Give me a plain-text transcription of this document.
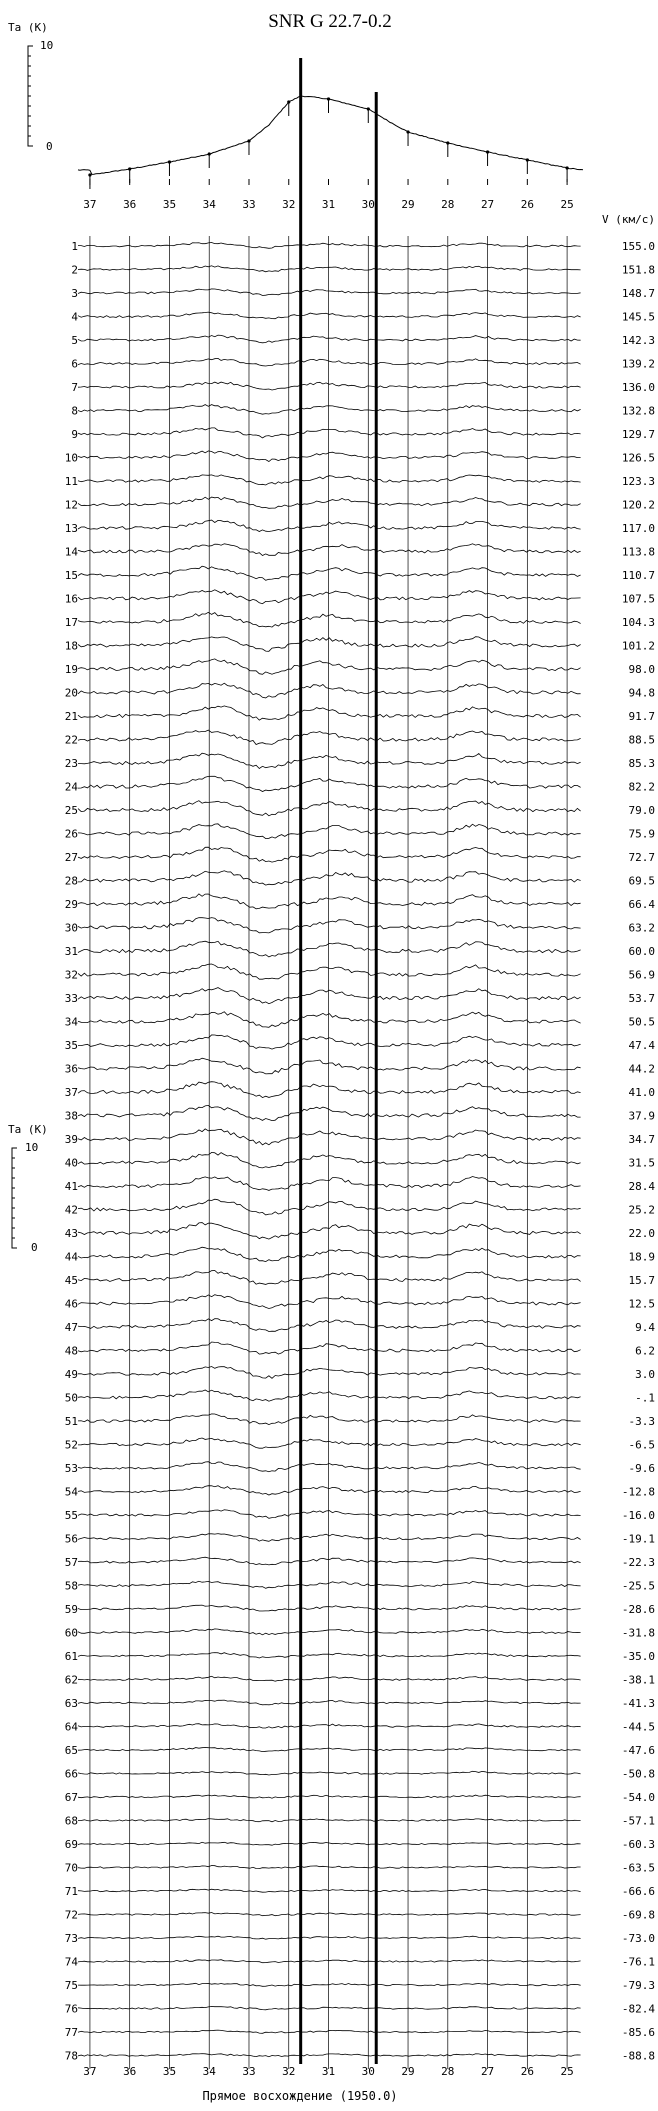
SNR G 22.7-0.2
Ta (K)
10
0
Ta (K)
10
0
V (км/с)
Прямое восхождение (1950.0)
37
37
36
36
35
35
34
34
33
33
32
32
31
31
30
30
29
29
28
28
27
27
26
26
25
25
1	155.0
2	151.8
3	148.7
4	145.5
5	142.3
6	139.2
7	136.0
8	132.8
9	129.7
10	126.5
11	123.3
12	120.2
13	117.0
14	113.8
15	110.7
16	107.5
17	104.3
18	101.2
19	98.0
20	94.8
21	91.7
22	88.5
23	85.3
24	82.2
25	79.0
26	75.9
27	72.7
28	69.5
29	66.4
30	63.2
31	60.0
32	56.9
33	53.7
34	50.5
35	47.4
36	44.2
37	41.0
38	37.9
39	34.7
40	31.5
41	28.4
42	25.2
43	22.0
44	18.9
45	15.7
46	12.5
47	9.4
48	6.2
49	3.0
50	-.1
51	-3.3
52	-6.5
53	-9.6
54	-12.8
55	-16.0
56	-19.1
57	-22.3
58	-25.5
59	-28.6
60	-31.8
61	-35.0
62	-38.1
63	-41.3
64	-44.5
65	-47.6
66	-50.8
67	-54.0
68	-57.1
69	-60.3
70	-63.5
71	-66.6
72	-69.8
73	-73.0
74	-76.1
75	-79.3
76	-82.4
77	-85.6
78	-88.8
